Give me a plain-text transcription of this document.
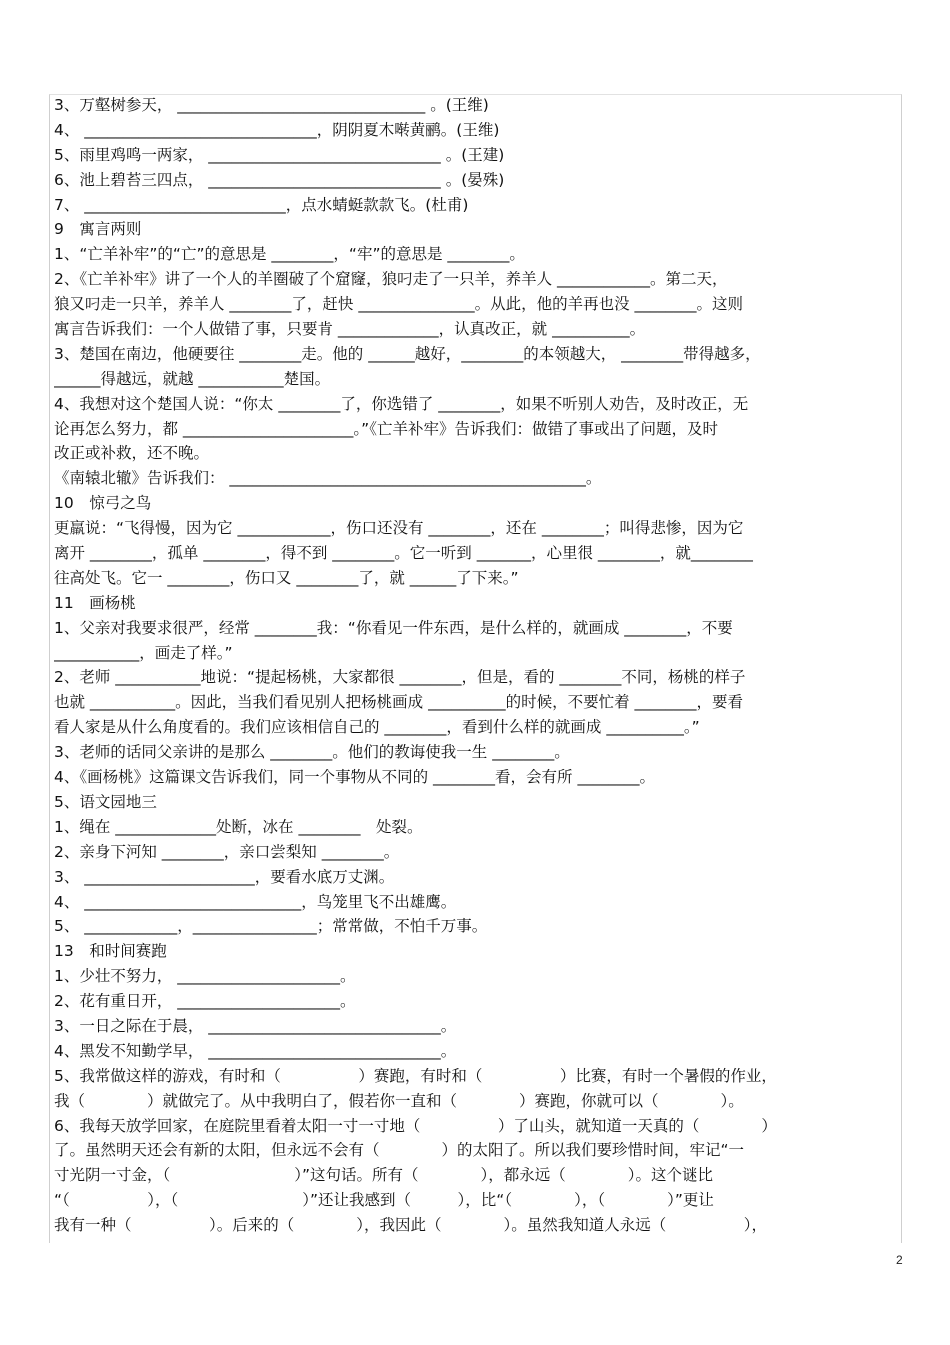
3、万壑树参天， ________________________________ 。(王维)
4、 ______________________________，阴阴夏木啭黄鹂。(王维)
5、雨里鸡鸣一两家， ______________________________ 。(王建)
6、池上碧苔三四点， ______________________________ 。(晏殊)
7、 __________________________，点水蜻蜓款款飞。(杜甫)
9　寓言两则
1、“亡羊补牢”的“亡”的意思是 ________，“牢”的意思是 ________。
2、《亡羊补牢》讲了一个人的羊圈破了个窟窿，狼叼走了一只羊，养羊人 ____________。第二天，
狼又叼走一只羊，养羊人 ________了，赶快 _______________。从此，他的羊再也没 ________。这则
寓言告诉我们：一个人做错了事，只要肯 _____________，认真改正，就 __________。
3、楚国在南边，他硬要往 ________走。他的 ______越好，________的本领越大， ________带得越多，
______得越远，就越 ___________楚国。
4、我想对这个楚国人说：“你太 ________了，你选错了 ________，如果不听别人劝告，及时改正，无
论再怎么努力，都 ______________________。”《亡羊补牢》告诉我们：做错了事或出了问题，及时
改正或补救，还不晚。
《南辕北辙》告诉我们： ______________________________________________。
10　惊弓之鸟
更羸说：“飞得慢，因为它 ____________，伤口还没有 ________，还在 ________；叫得悲惨，因为它
离开 ________，孤单 ________，得不到 ________。它一听到 _______，心里很 ________，就________
往高处飞。它一 ________，伤口又 ________了，就 ______了下来。”
11　画杨桃
1、父亲对我要求很严，经常 ________我：“你看见一件东西，是什么样的，就画成 ________，不要
___________，画走了样。”
2、老师 ___________地说：“提起杨桃，大家都很 ________，但是，看的 ________不同，杨桃的样子
也就 ___________。因此，当我们看见别人把杨桃画成 __________的时候，不要忙着 ________，要看
看人家是从什么角度看的。我们应该相信自己的 ________，看到什么样的就画成 __________。”
3、老师的话同父亲讲的是那么 ________。他们的教诲使我一生 ________。
4、《画杨桃》这篇课文告诉我们，同一个事物从不同的 ________看，会有所 ________。
5、语文园地三
1、绳在 _____________处断，冰在 ________　处裂。
2、亲身下河知 ________，亲口尝梨知 ________。
3、 ______________________，要看水底万丈渊。
4、 ____________________________，鸟笼里飞不出雄鹰。
5、 ____________，________________；常常做，不怕千万事。
13　和时间赛跑
1、少壮不努力， _____________________。
2、花有重日开， _____________________。
3、一日之际在于晨， ______________________________。
4、黑发不知勤学早， ______________________________。
5、我常做这样的游戏，有时和（　　　　　）赛跑，有时和（　　　　　）比赛，有时一个暑假的作业，
我（　　　　）就做完了。从中我明白了，假若你一直和（　　　　）赛跑，你就可以（　　　　）。
6、我每天放学回家，在庭院里看着太阳一寸一寸地（　　　　　）了山头，就知道一天真的（　　　　）
了。虽然明天还会有新的太阳，但永远不会有（　　　　）的太阳了。所以我们要珍惜时间，牢记“一
寸光阴一寸金，（　　　　　　　　）”这句话。所有（　　　　），都永远（　　　　）。这个谜比
“（　　　　　），（　　　　　　　　）”还让我感到（　　　），比“（　　　　），（　　　　）”更让
我有一种（　　　　　）。后来的（　　　　），我因此（　　　　）。虽然我知道人永远（　　　　　），
2
